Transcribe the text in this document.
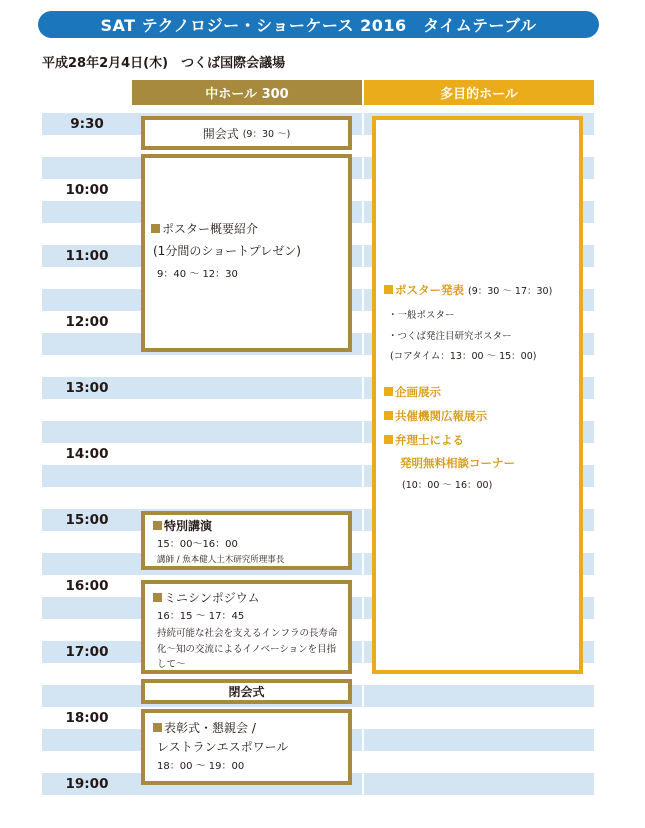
SAT テクノロジー・ショーケース 2016　タイムテーブル
平成28年2月4日(木)　つくば国際会議場
中ホール 300	多目的ホール
9:30
10:00
11:00
12:00
13:00
14:00
15:00
16:00
17:00
18:00
19:00
開会式 (9：30 ～)
ポスター概要紹介
(1分間のショートプレゼン)
9：40 ～ 12：30
特別講演
15：00～16：00
講師 / 魚本健人土木研究所理事長
ミニシンポジウム
16：15 ～ 17：45
持続可能な社会を支えるインフラの長寿命
化～知の交流によるイノベーションを目指
して～
閉会式
表彰式・懇親会 /
レストランエスポワール
18：00 ～ 19：00
ポスター発表 (9：30 ～ 17：30)
・一般ポスター
・つくば発注目研究ポスター
(コアタイム：13：00 ～ 15：00)
企画展示
共催機関広報展示
弁理士による
発明無料相談コーナー
(10：00 ～ 16：00)
